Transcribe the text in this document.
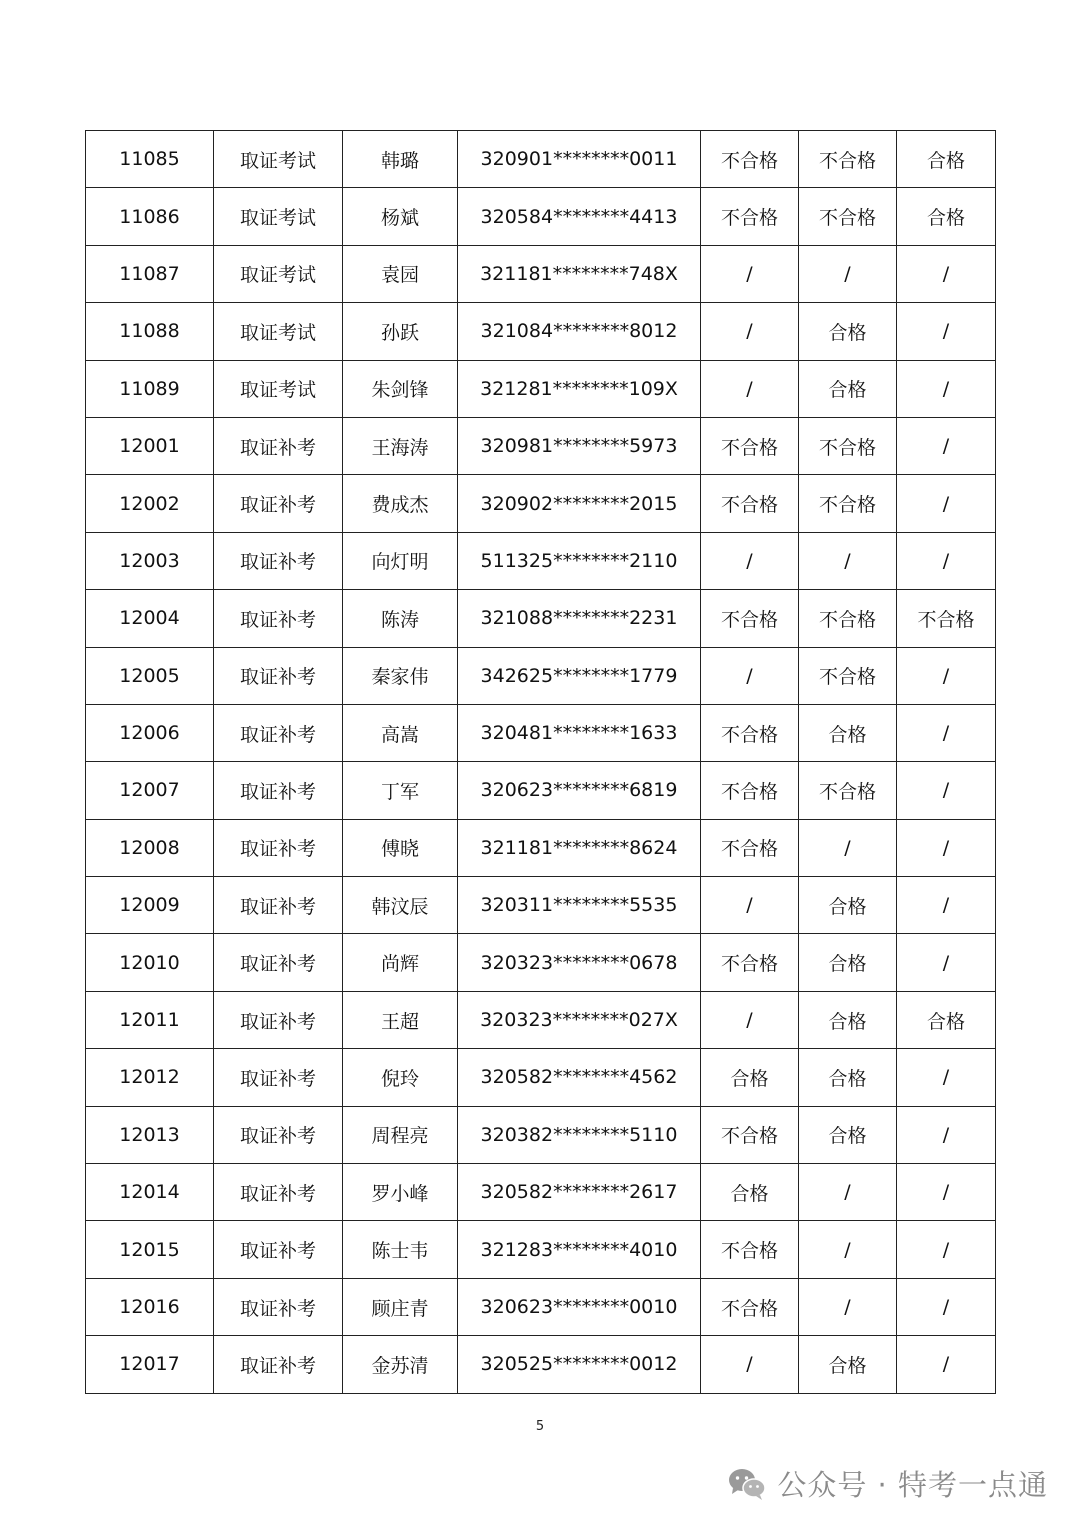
11085	取证考试	韩璐	320901********0011	不合格	不合格	合格
11086	取证考试	杨斌	320584********4413	不合格	不合格	合格
11087	取证考试	袁园	321181********748X	/	/	/
11088	取证考试	孙跃	321084********8012	/	合格	/
11089	取证考试	朱剑锋	321281********109X	/	合格	/
12001	取证补考	王海涛	320981********5973	不合格	不合格	/
12002	取证补考	费成杰	320902********2015	不合格	不合格	/
12003	取证补考	向灯明	511325********2110	/	/	/
12004	取证补考	陈涛	321088********2231	不合格	不合格	不合格
12005	取证补考	秦家伟	342625********1779	/	不合格	/
12006	取证补考	高嵩	320481********1633	不合格	合格	/
12007	取证补考	丁军	320623********6819	不合格	不合格	/
12008	取证补考	傅晓	321181********8624	不合格	/	/
12009	取证补考	韩汶辰	320311********5535	/	合格	/
12010	取证补考	尚辉	320323********0678	不合格	合格	/
12011	取证补考	王超	320323********027X	/	合格	合格
12012	取证补考	倪玲	320582********4562	合格	合格	/
12013	取证补考	周程亮	320382********5110	不合格	合格	/
12014	取证补考	罗小峰	320582********2617	合格	/	/
12015	取证补考	陈士韦	321283********4010	不合格	/	/
12016	取证补考	顾庄青	320623********0010	不合格	/	/
12017	取证补考	金苏清	320525********0012	/	合格	/
5
公众号 · 特考一点通
